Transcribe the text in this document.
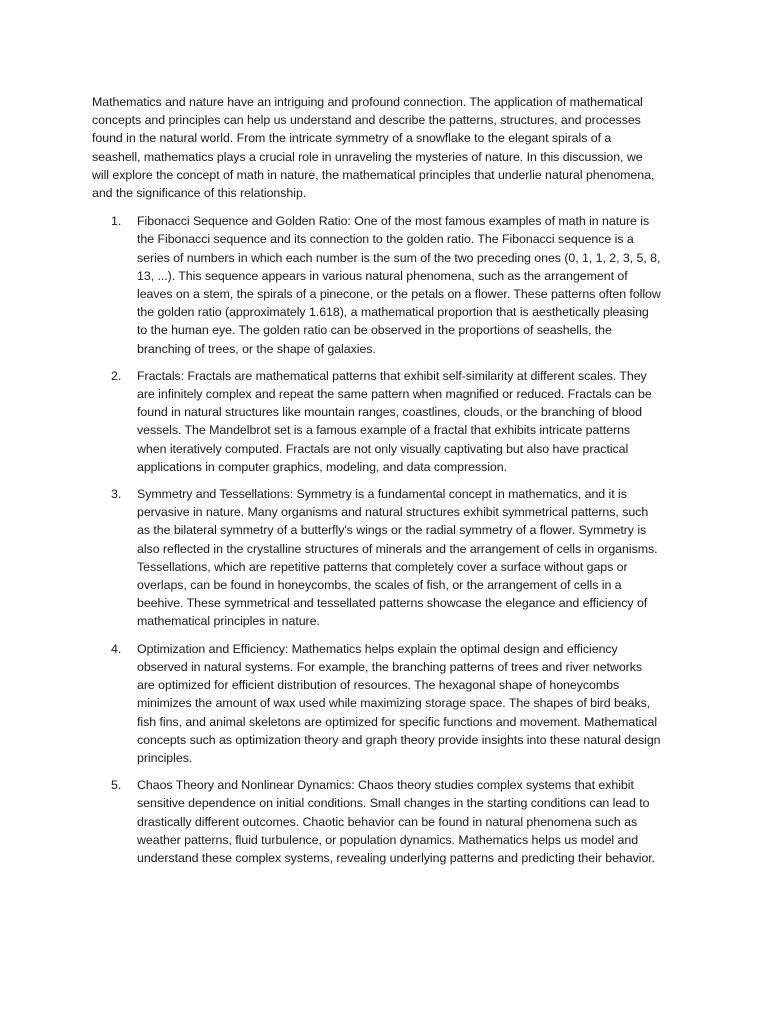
Mathematics and nature have an intriguing and profound connection. The application of mathematical concepts and principles can help us understand and describe the patterns, structures, and processes found in the natural world. From the intricate symmetry of a snowflake to the elegant spirals of a seashell, mathematics plays a crucial role in unraveling the mysteries of nature. In this discussion, we will explore the concept of math in nature, the mathematical principles that underlie natural phenomena, and the significance of this relationship.

1. Fibonacci Sequence and Golden Ratio: One of the most famous examples of math in nature is the Fibonacci sequence and its connection to the golden ratio. The Fibonacci sequence is a series of numbers in which each number is the sum of the two preceding ones (0, 1, 1, 2, 3, 5, 8, 13, ...). This sequence appears in various natural phenomena, such as the arrangement of leaves on a stem, the spirals of a pinecone, or the petals on a flower. These patterns often follow the golden ratio (approximately 1.618), a mathematical proportion that is aesthetically pleasing to the human eye. The golden ratio can be observed in the proportions of seashells, the branching of trees, or the shape of galaxies.
2. Fractals: Fractals are mathematical patterns that exhibit self-similarity at different scales. They are infinitely complex and repeat the same pattern when magnified or reduced. Fractals can be found in natural structures like mountain ranges, coastlines, clouds, or the branching of blood vessels. The Mandelbrot set is a famous example of a fractal that exhibits intricate patterns when iteratively computed. Fractals are not only visually captivating but also have practical applications in computer graphics, modeling, and data compression.
3. Symmetry and Tessellations: Symmetry is a fundamental concept in mathematics, and it is pervasive in nature. Many organisms and natural structures exhibit symmetrical patterns, such as the bilateral symmetry of a butterfly's wings or the radial symmetry of a flower. Symmetry is also reflected in the crystalline structures of minerals and the arrangement of cells in organisms. Tessellations, which are repetitive patterns that completely cover a surface without gaps or overlaps, can be found in honeycombs, the scales of fish, or the arrangement of cells in a beehive. These symmetrical and tessellated patterns showcase the elegance and efficiency of mathematical principles in nature.
4. Optimization and Efficiency: Mathematics helps explain the optimal design and efficiency observed in natural systems. For example, the branching patterns of trees and river networks are optimized for efficient distribution of resources. The hexagonal shape of honeycombs minimizes the amount of wax used while maximizing storage space. The shapes of bird beaks, fish fins, and animal skeletons are optimized for specific functions and movement. Mathematical concepts such as optimization theory and graph theory provide insights into these natural design principles.
5. Chaos Theory and Nonlinear Dynamics: Chaos theory studies complex systems that exhibit sensitive dependence on initial conditions. Small changes in the starting conditions can lead to drastically different outcomes. Chaotic behavior can be found in natural phenomena such as weather patterns, fluid turbulence, or population dynamics. Mathematics helps us model and understand these complex systems, revealing underlying patterns and predicting their behavior.
